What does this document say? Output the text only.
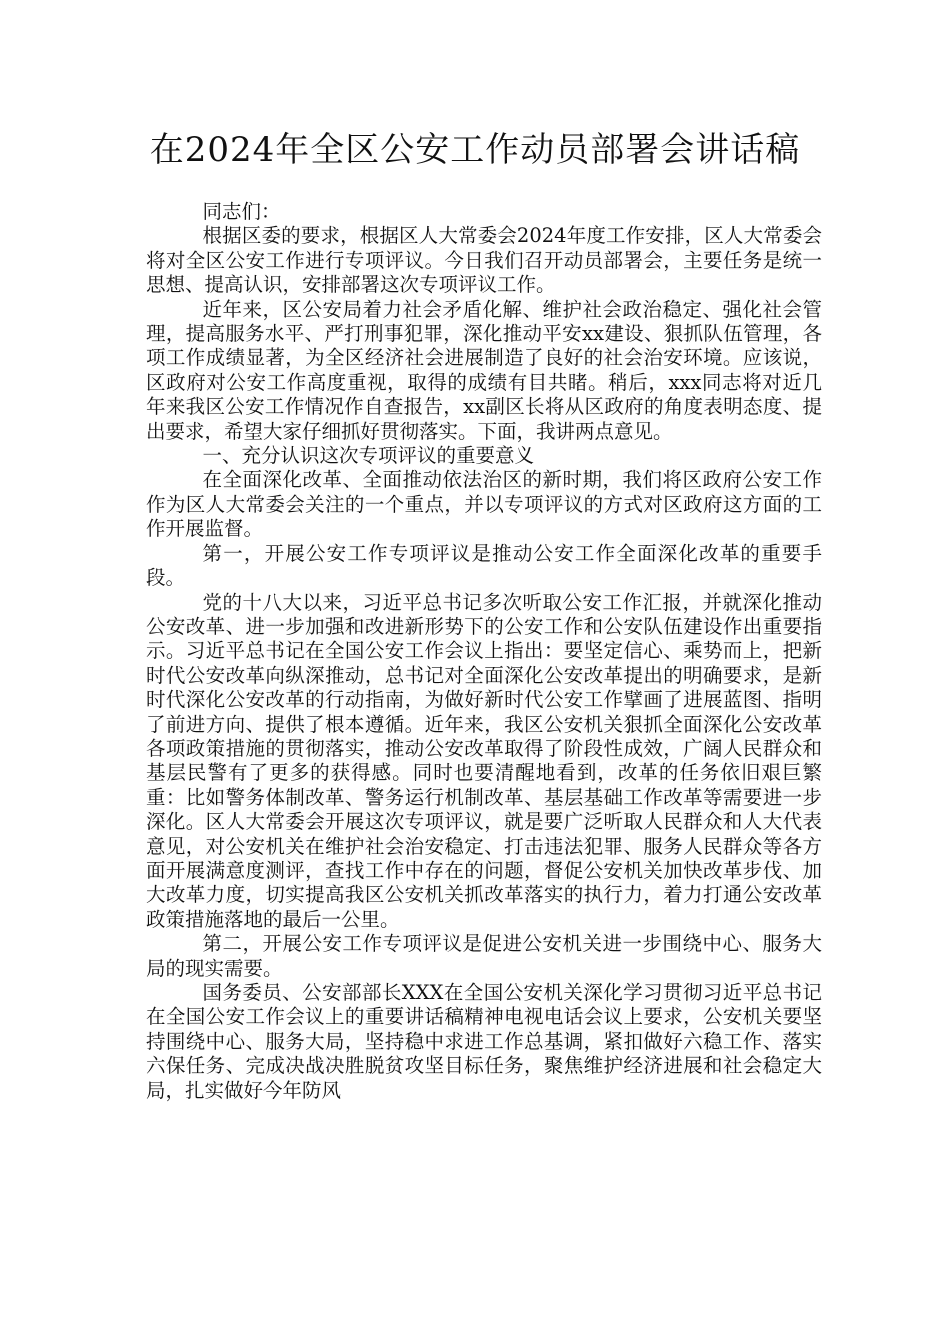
在2024年全区公安工作动员部署会讲话稿

同志们：

根据区委的要求，根据区人大常委会2024年度工作安排，区人大常委会将对全区公安工作进行专项评议。今日我们召开动员部署会，主要任务是统一思想、提高认识，安排部署这次专项评议工作。

近年来，区公安局着力社会矛盾化解、维护社会政治稳定、强化社会管理，提高服务水平、严打刑事犯罪，深化推动平安xx建设、狠抓队伍管理，各项工作成绩显著，为全区经济社会进展制造了良好的社会治安环境。应该说，区政府对公安工作高度重视，取得的成绩有目共睹。稍后，xxx同志将对近几年来我区公安工作情况作自查报告，xx副区长将从区政府的角度表明态度、提出要求，希望大家仔细抓好贯彻落实。下面，我讲两点意见。

一、充分认识这次专项评议的重要意义

在全面深化改革、全面推动依法治区的新时期，我们将区政府公安工作作为区人大常委会关注的一个重点，并以专项评议的方式对区政府这方面的工作开展监督。

第一，开展公安工作专项评议是推动公安工作全面深化改革的重要手段。

党的十八大以来，习近平总书记多次听取公安工作汇报，并就深化推动公安改革、进一步加强和改进新形势下的公安工作和公安队伍建设作出重要指示。习近平总书记在全国公安工作会议上指出：要坚定信心、乘势而上，把新时代公安改革向纵深推动，总书记对全面深化公安改革提出的明确要求，是新时代深化公安改革的行动指南，为做好新时代公安工作擘画了进展蓝图、指明了前进方向、提供了根本遵循。近年来，我区公安机关狠抓全面深化公安改革各项政策措施的贯彻落实，推动公安改革取得了阶段性成效，广阔人民群众和基层民警有了更多的获得感。同时也要清醒地看到，改革的任务依旧艰巨繁重：比如警务体制改革、警务运行机制改革、基层基础工作改革等需要进一步深化。区人大常委会开展这次专项评议，就是要广泛听取人民群众和人大代表意见，对公安机关在维护社会治安稳定、打击违法犯罪、服务人民群众等各方面开展满意度测评，查找工作中存在的问题，督促公安机关加快改革步伐、加大改革力度，切实提高我区公安机关抓改革落实的执行力，着力打通公安改革政策措施落地的最后一公里。

第二，开展公安工作专项评议是促进公安机关进一步围绕中心、服务大局的现实需要。

国务委员、公安部部长XXX在全国公安机关深化学习贯彻习近平总书记在全国公安工作会议上的重要讲话稿精神电视电话会议上要求，公安机关要坚持围绕中心、服务大局，坚持稳中求进工作总基调，紧扣做好六稳工作、落实六保任务、完成决战决胜脱贫攻坚目标任务，聚焦维护经济进展和社会稳定大局，扎实做好今年防风
